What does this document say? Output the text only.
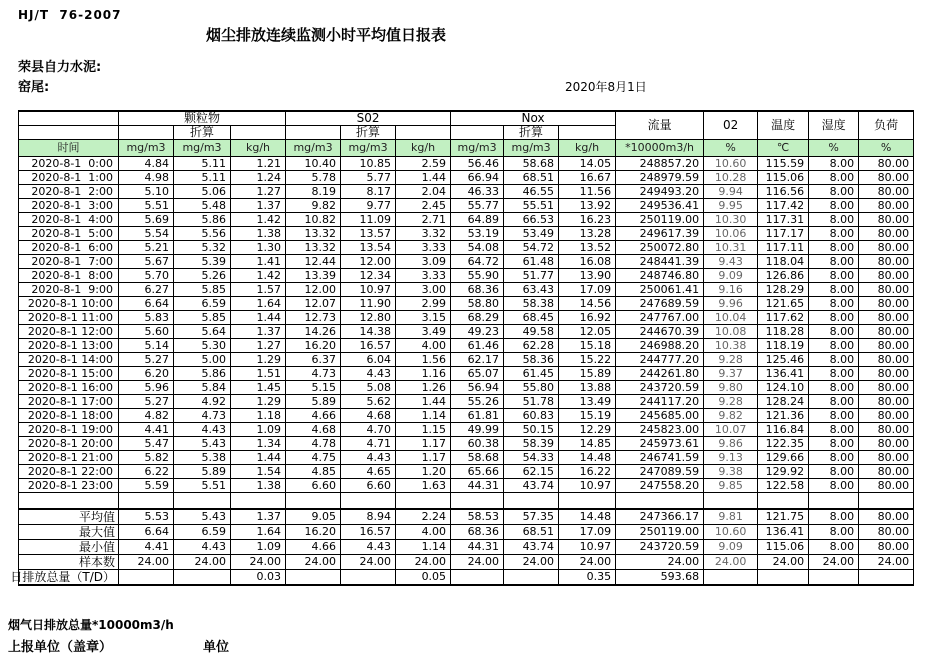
HJ/T  76-2007
烟尘排放连续监测小时平均值日报表
荣县自力水泥:
窑尾:	2020年8月1日
	颗粒物			S02			Nox			流量	02	温度	湿度	负荷
		折算			折算			折算						
时间	mg/m3	mg/m3	kg/h	mg/m3	mg/m3	kg/h	mg/m3	mg/m3	kg/h	*10000m3/h	%	℃	%	%
2020-8-1  0:00	4.84	5.11	1.21	10.40	10.85	2.59	56.46	58.68	14.05	248857.20	10.60	115.59	8.00	80.00
2020-8-1  1:00	4.98	5.11	1.24	5.78	5.77	1.44	66.94	68.51	16.67	248979.59	10.28	115.06	8.00	80.00
2020-8-1  2:00	5.10	5.06	1.27	8.19	8.17	2.04	46.33	46.55	11.56	249493.20	9.94	116.56	8.00	80.00
2020-8-1  3:00	5.51	5.48	1.37	9.82	9.77	2.45	55.77	55.51	13.92	249536.41	9.95	117.42	8.00	80.00
2020-8-1  4:00	5.69	5.86	1.42	10.82	11.09	2.71	64.89	66.53	16.23	250119.00	10.30	117.31	8.00	80.00
2020-8-1  5:00	5.54	5.56	1.38	13.32	13.57	3.32	53.19	53.49	13.28	249617.39	10.06	117.17	8.00	80.00
2020-8-1  6:00	5.21	5.32	1.30	13.32	13.54	3.33	54.08	54.72	13.52	250072.80	10.31	117.11	8.00	80.00
2020-8-1  7:00	5.67	5.39	1.41	12.44	12.00	3.09	64.72	61.48	16.08	248441.39	9.43	118.04	8.00	80.00
2020-8-1  8:00	5.70	5.26	1.42	13.39	12.34	3.33	55.90	51.77	13.90	248746.80	9.09	126.86	8.00	80.00
2020-8-1  9:00	6.27	5.85	1.57	12.00	10.97	3.00	68.36	63.43	17.09	250061.41	9.16	128.29	8.00	80.00
2020-8-1 10:00	6.64	6.59	1.64	12.07	11.90	2.99	58.80	58.38	14.56	247689.59	9.96	121.65	8.00	80.00
2020-8-1 11:00	5.83	5.85	1.44	12.73	12.80	3.15	68.29	68.45	16.92	247767.00	10.04	117.62	8.00	80.00
2020-8-1 12:00	5.60	5.64	1.37	14.26	14.38	3.49	49.23	49.58	12.05	244670.39	10.08	118.28	8.00	80.00
2020-8-1 13:00	5.14	5.30	1.27	16.20	16.57	4.00	61.46	62.28	15.18	246988.20	10.38	118.19	8.00	80.00
2020-8-1 14:00	5.27	5.00	1.29	6.37	6.04	1.56	62.17	58.36	15.22	244777.20	9.28	125.46	8.00	80.00
2020-8-1 15:00	6.20	5.86	1.51	4.73	4.43	1.16	65.07	61.45	15.89	244261.80	9.37	136.41	8.00	80.00
2020-8-1 16:00	5.96	5.84	1.45	5.15	5.08	1.26	56.94	55.80	13.88	243720.59	9.80	124.10	8.00	80.00
2020-8-1 17:00	5.27	4.92	1.29	5.89	5.62	1.44	55.26	51.78	13.49	244117.20	9.28	128.24	8.00	80.00
2020-8-1 18:00	4.82	4.73	1.18	4.66	4.68	1.14	61.81	60.83	15.19	245685.00	9.82	121.36	8.00	80.00
2020-8-1 19:00	4.41	4.43	1.09	4.68	4.70	1.15	49.99	50.15	12.29	245823.00	10.07	116.84	8.00	80.00
2020-8-1 20:00	5.47	5.43	1.34	4.78	4.71	1.17	60.38	58.39	14.85	245973.61	9.86	122.35	8.00	80.00
2020-8-1 21:00	5.82	5.38	1.44	4.75	4.43	1.17	58.68	54.33	14.48	246741.59	9.13	129.66	8.00	80.00
2020-8-1 22:00	6.22	5.89	1.54	4.85	4.65	1.20	65.66	62.15	16.22	247089.59	9.38	129.92	8.00	80.00
2020-8-1 23:00	5.59	5.51	1.38	6.60	6.60	1.63	44.31	43.74	10.97	247558.20	9.85	122.58	8.00	80.00

平均值	5.53	5.43	1.37	9.05	8.94	2.24	58.53	57.35	14.48	247366.17	9.81	121.75	8.00	80.00
最大值	6.64	6.59	1.64	16.20	16.57	4.00	68.36	68.51	17.09	250119.00	10.60	136.41	8.00	80.00
最小值	4.41	4.43	1.09	4.66	4.43	1.14	44.31	43.74	10.97	243720.59	9.09	115.06	8.00	80.00
样本数	24.00	24.00	24.00	24.00	24.00	24.00	24.00	24.00	24.00	24.00	24.00	24.00	24.00	24.00

日排放总量（T/D）			0.03			0.05			0.35	593.68				
烟气日排放总量*10000m3/h
上报单位（盖章）	单位
